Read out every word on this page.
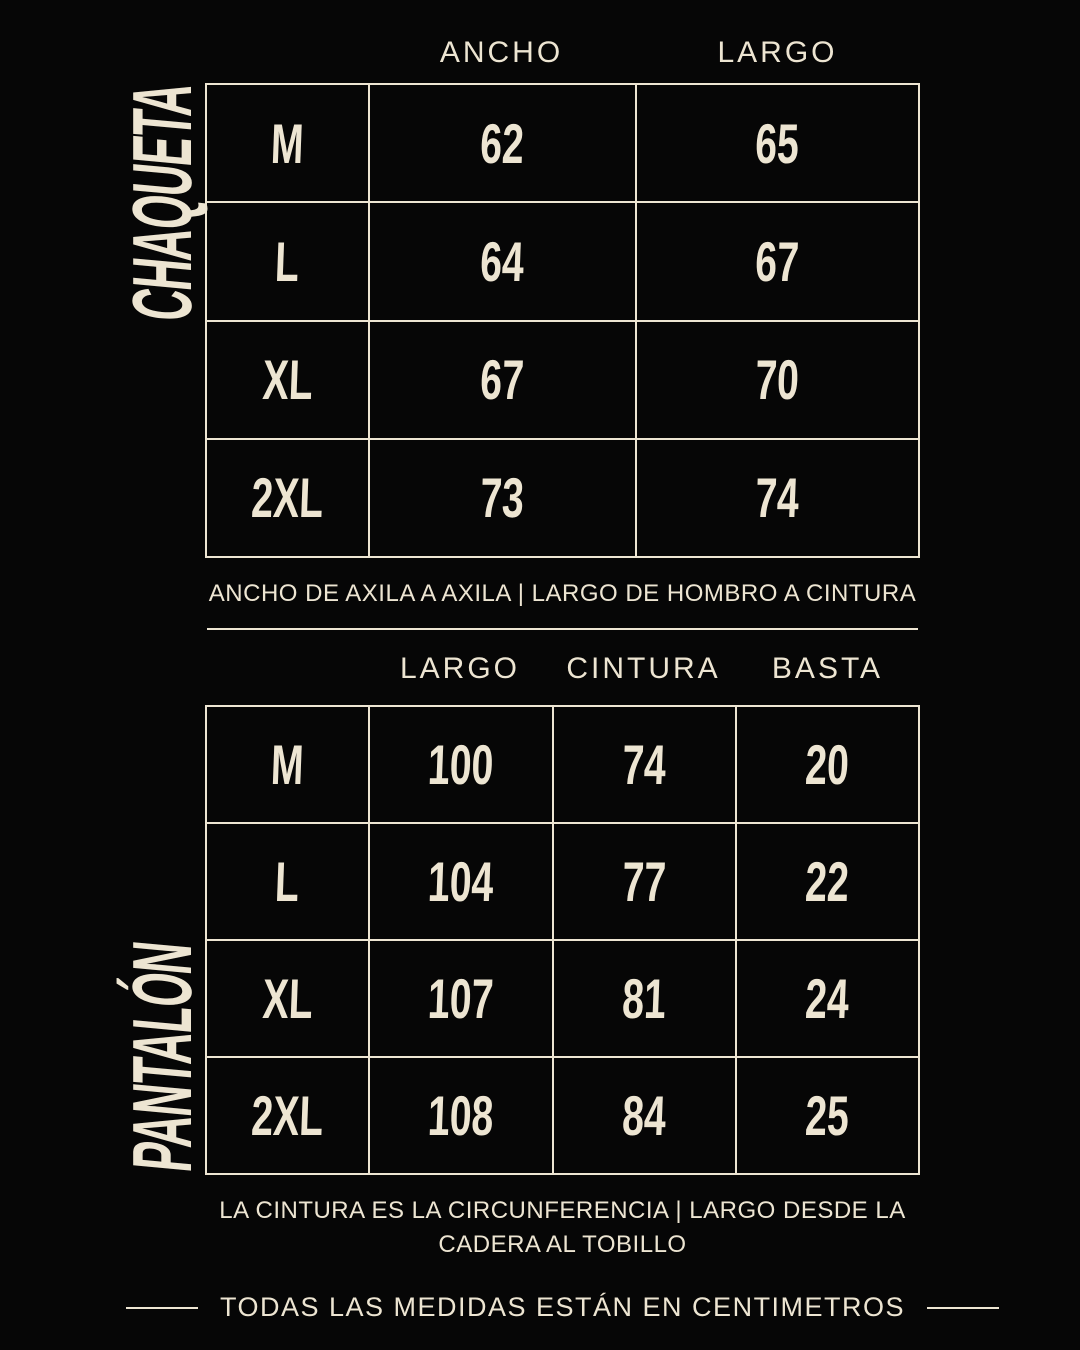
CHAQUETA
ANCHO	LARGO
M	62	65
L	64	67
XL	67	70
2XL	73	74
ANCHO DE AXILA A AXILA | LARGO DE HOMBRO A CINTURA
PANTALÓN
LARGO	CINTURA	BASTA
M 100 74 20
L 104 77 22
XL 107 81 24
2XL 108 84 25
LA CINTURA ES LA CIRCUNFERENCIA | LARGO DESDE LA CADERA AL TOBILLO
TODAS LAS MEDIDAS ESTÁN EN CENTIMETROS
